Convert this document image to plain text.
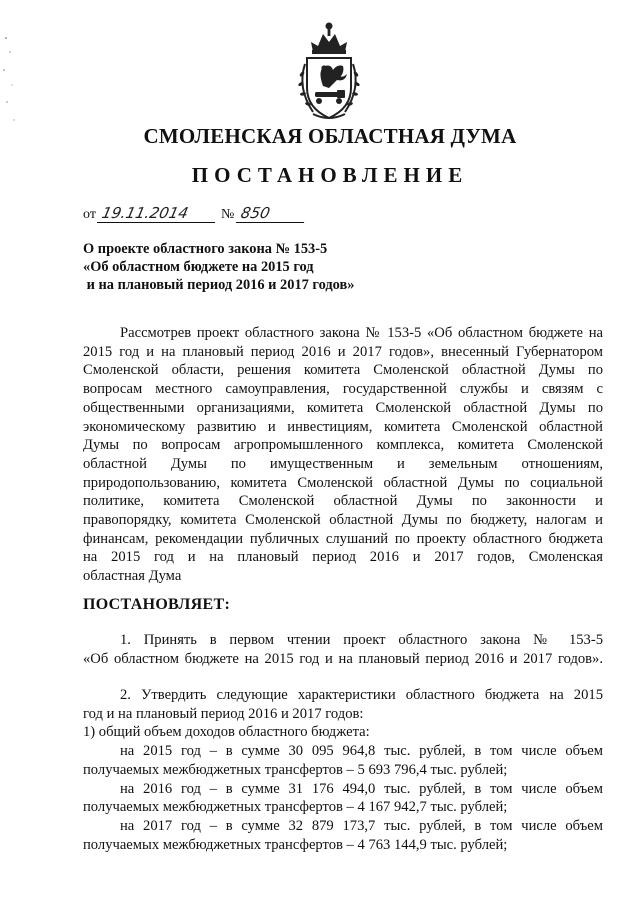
СМОЛЕНСКАЯ ОБЛАСТНАЯ ДУМА
ПОСТАНОВЛЕНИЕ
от 19.11.2014 № 850
О проекте областного закона № 153-5
«Об областном бюджете на 2015 год
и на плановый период 2016 и 2017 годов»
Рассмотрев проект областного закона № 153-5 «Об областном бюджете на
2015 год и на плановый период 2016 и 2017 годов», внесенный Губернатором
Смоленской области, решения комитета Смоленской областной Думы по
вопросам местного самоуправления, государственной службы и связям с
общественными организациями, комитета Смоленской областной Думы по
экономическому развитию и инвестициям, комитета Смоленской областной
Думы по вопросам агропромышленного комплекса, комитета Смоленской
областной Думы по имущественным и земельным отношениям,
природопользованию, комитета Смоленской областной Думы по социальной
политике, комитета Смоленской областной Думы по законности и
правопорядку, комитета Смоленской областной Думы по бюджету, налогам и
финансам, рекомендации публичных слушаний по проекту областного бюджета
на 2015 год и на плановый период 2016 и 2017 годов, Смоленская
областная Дума
ПОСТАНОВЛЯЕТ:
1. Принять в первом чтении проект областного закона № 153-5
«Об областном бюджете на 2015 год и на плановый период 2016 и 2017 годов».
2. Утвердить следующие характеристики областного бюджета на 2015
год и на плановый период 2016 и 2017 годов:
1) общий объем доходов областного бюджета:
на 2015 год – в сумме 30 095 964,8 тыс. рублей, в том числе объем
получаемых межбюджетных трансфертов – 5 693 796,4 тыс. рублей;
на 2016 год – в сумме 31 176 494,0 тыс. рублей, в том числе объем
получаемых межбюджетных трансфертов – 4 167 942,7 тыс. рублей;
на 2017 год – в сумме 32 879 173,7 тыс. рублей, в том числе объем
получаемых межбюджетных трансфертов – 4 763 144,9 тыс. рублей;
